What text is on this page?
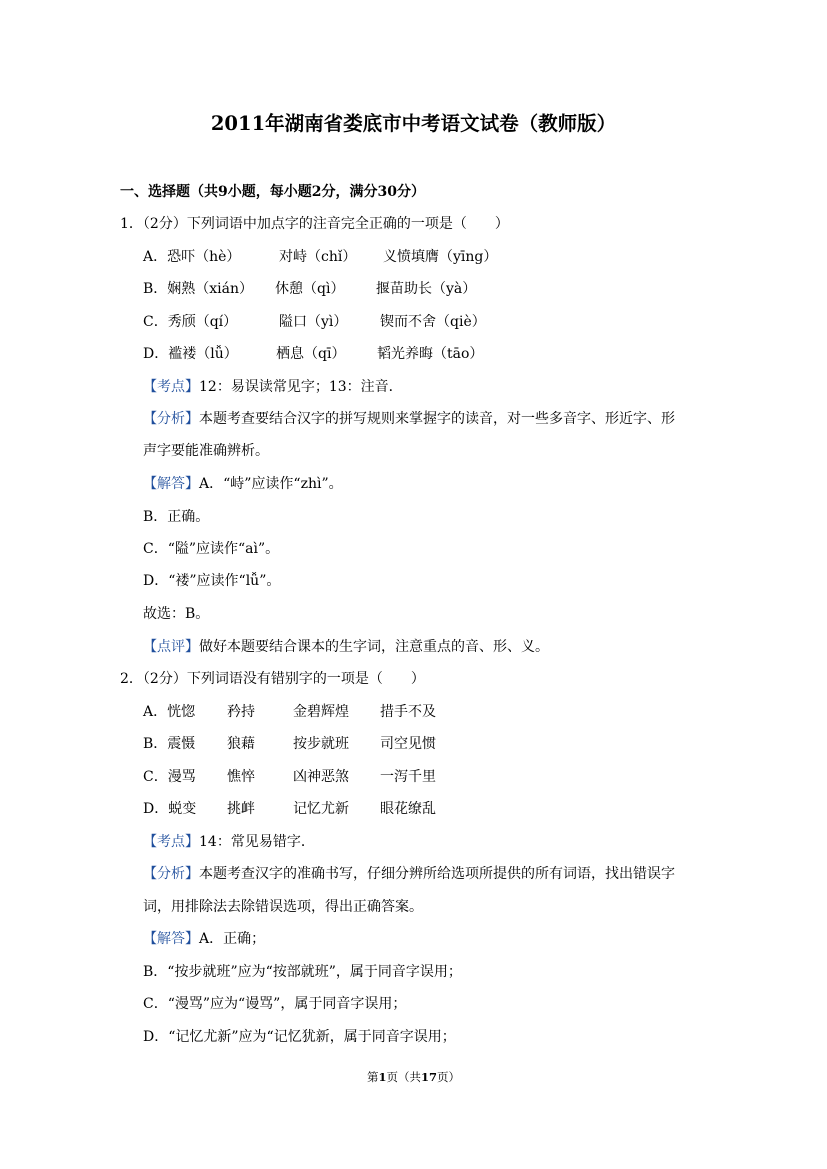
2011年湖南省娄底市中考语文试卷（教师版）
一、选择题（共9小题，每小题2分，满分30分）
1．（2分）下列词语中加点字的注音完全正确的一项是（　　）
A．恐吓（hè）	对峙（chǐ） 义愤填膺（yīng）
B．娴熟（xián） 休憩（qì） 揠苗助长（yà）
C．秀颀（qí）	隘口（yì） 锲而不舍（qiè）
D．褴褛（lǚ）	栖息（qī） 韬光养晦（tāo）
【考点】12：易误读常见字；13：注音．
【分析】本题考查要结合汉字的拼写规则来掌握字的读音，对一些多音字、形近字、形
声字要能准确辨析。
【解答】A．“峙”应读作“zhì”。
B．正确。
C．“隘”应读作“aì”。
D．“褛”应读作“lǚ”。
故选：B。
【点评】做好本题要结合课本的生字词，注意重点的音、形、义。
2．（2分）下列词语没有错别字的一项是（　　）
A．恍惚 矜持	金碧辉煌 措手不及
B．震慑 狼藉	按步就班 司空见惯
C．漫骂 憔悴	凶神恶煞 一泻千里
D．蜕变 挑衅	记忆尤新 眼花缭乱
【考点】14：常见易错字．
【分析】本题考查汉字的准确书写，仔细分辨所给选项所提供的所有词语，找出错误字
词，用排除法去除错误选项，得出正确答案。
【解答】A．正确；
B．“按步就班”应为“按部就班”，属于同音字误用；
C．“漫骂”应为“谩骂”，属于同音字误用；
D．“记忆尤新”应为“记忆犹新，属于同音字误用；
第1页（共17页）
